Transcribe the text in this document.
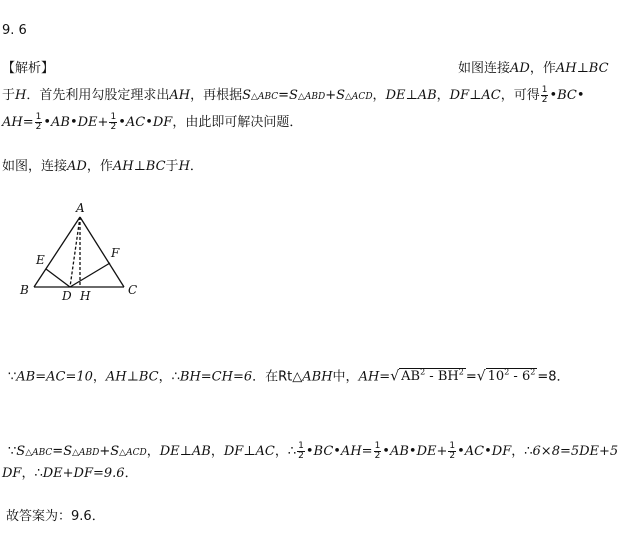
9. 6
【解析】	如图连接AD，作AH⊥BC
于H．首先利用勾股定理求出AH，再根据S△ABC=S△ABD+S△ACD，DE⊥AB，DF⊥AC，可得 $\frac{1}{2}$ •BC•
$AH= \frac{1}{2}$ •AB•DE+ $\frac{1}{2}$ •AC•DF，由此即可解决问题．
如图，连接AD，作AH⊥BC于H．
A
B	C
D H
E	F
∵AB=AC=10，AH⊥BC，∴BH=CH=6．在Rt△ABH中，AH=√ $AB^2 - BH^2$ =√ $10^2 - 6^2 =8$．
∵S△ABC=S△ABD+S△ACD，DE⊥AB，DF⊥AC，∴ $\frac{1}{2}$ •BC•AH= $\frac{1}{2}$ •AB•DE+ $\frac{1}{2}$ •AC•DF，∴6×8=5DE+5
DF，∴DE+DF=9.6．
故答案为：9.6．
